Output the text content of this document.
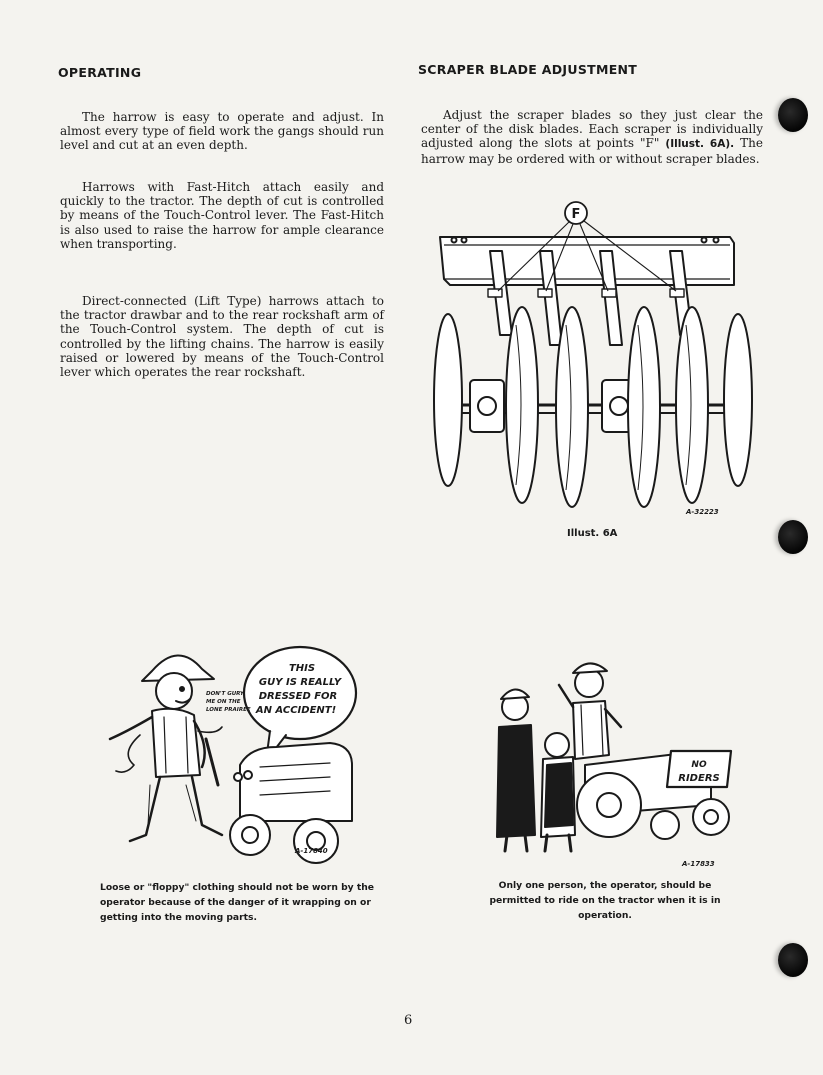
OPERATING

The harrow is easy to operate and adjust. In almost every type of field work the gangs should run level and cut at an even depth.

Harrows with Fast-Hitch attach easily and quickly to the tractor. The depth of cut is controlled by means of the Touch-Control lever. The Fast-Hitch is also used to raise the harrow for ample clearance when transporting.

Direct-connected (Lift Type) harrows attach to the tractor drawbar and to the rear rockshaft arm of the Touch-Control system. The depth of cut is controlled by the lifting chains. The harrow is easily raised or lowered by means of the Touch-Control lever which operates the rear rockshaft.

SCRAPER BLADE ADJUSTMENT

Adjust the scraper blades so they just clear the center of the disk blades. Each scraper is individually adjusted along the slots at points "F" (Illust. 6A). The harrow may be ordered with or without scraper blades.

F

A-32223

Illust. 6A

THIS
GUY IS REALLY
DRESSED FOR
AN ACCIDENT!
DON'T GURY
ME ON THE
LONE PRAIREE

A-17840

Loose or "floppy" clothing should not be worn by the operator because of the danger of it wrapping on or getting into the moving parts.

NO
RIDERS

A-17833

Only one person, the operator, should be permitted to ride on the tractor when it is in operation.

6
